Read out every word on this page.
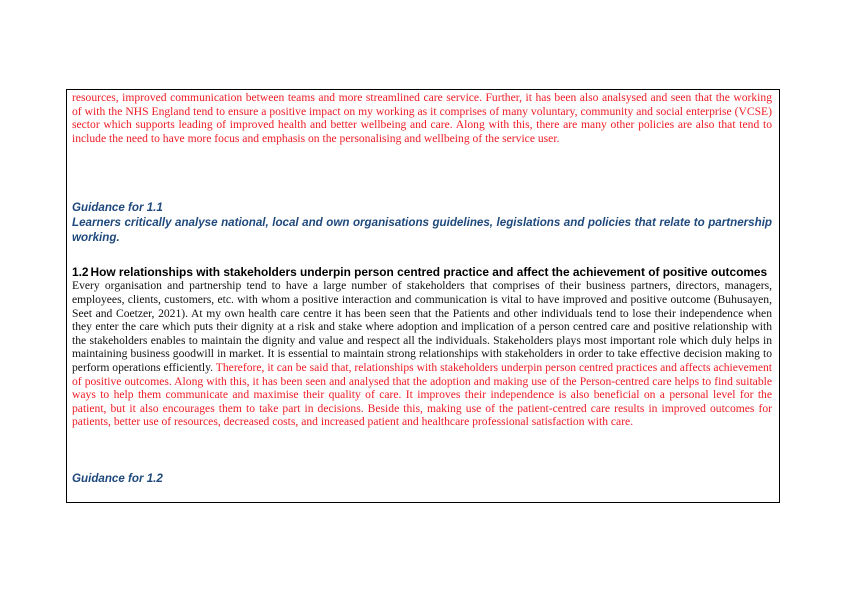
resources, improved communication between teams and more streamlined care service. Further, it has been also analsysed and seen that the working of with the NHS England tend to ensure a positive impact on my working as it comprises of many voluntary, community and social enterprise (VCSE) sector which supports leading of improved health and better wellbeing and care. Along with this, there are many other policies are also that tend to include the need to have more focus and emphasis on the personalising and wellbeing of the service user.

Guidance for 1.1

Learners critically analyse national, local and own organisations guidelines, legislations and policies that relate to partnership working.

1.2 How relationships with stakeholders underpin person centred practice and affect the achievement of positive outcomes

Every organisation and partnership tend to have a large number of stakeholders that comprises of their business partners, directors, managers, employees, clients, customers, etc. with whom a positive interaction and communication is vital to have improved and positive outcome (Buhusayen, Seet and Coetzer, 2021). At my own health care centre it has been seen that the Patients and other individuals tend to lose their independence when they enter the care which puts their dignity at a risk and stake where adoption and implication of a person centred care and positive relationship with the stakeholders enables to maintain the dignity and value and respect all the individuals. Stakeholders plays most important role which duly helps in maintaining business goodwill in market. It is essential to maintain strong relationships with stakeholders in order to take effective decision making to perform operations efficiently. Therefore, it can be said that, relationships with stakeholders underpin person centred practices and affects achievement of positive outcomes. Along with this, it has been seen and analysed that the adoption and making use of the Person-centred care helps to find suitable ways to help them communicate and maximise their quality of care. It improves their independence is also beneficial on a personal level for the patient, but it also encourages them to take part in decisions. Beside this, making use of the patient-centred care results in improved outcomes for patients, better use of resources, decreased costs, and increased patient and healthcare professional satisfaction with care.

Guidance for 1.2
